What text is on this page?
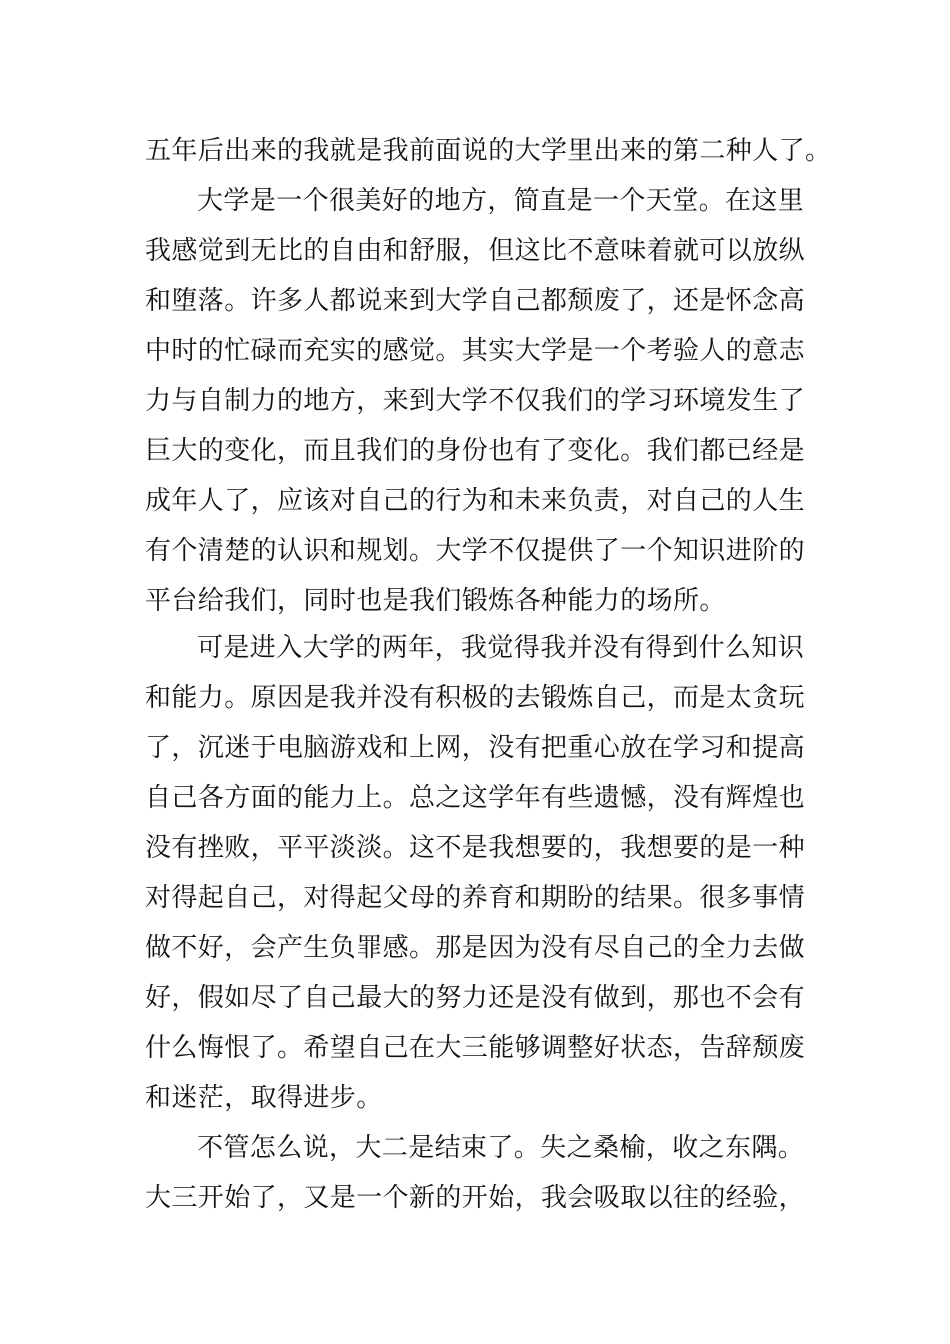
五年后出来的我就是我前面说的大学里出来的第二种人了。
大学是一个很美好的地方，简直是一个天堂。在这里
我感觉到无比的自由和舒服，但这比不意味着就可以放纵
和堕落。许多人都说来到大学自己都颓废了，还是怀念高
中时的忙碌而充实的感觉。其实大学是一个考验人的意志
力与自制力的地方，来到大学不仅我们的学习环境发生了
巨大的变化，而且我们的身份也有了变化。我们都已经是
成年人了，应该对自己的行为和未来负责，对自己的人生
有个清楚的认识和规划。大学不仅提供了一个知识进阶的
平台给我们，同时也是我们锻炼各种能力的场所。
可是进入大学的两年，我觉得我并没有得到什么知识
和能力。原因是我并没有积极的去锻炼自己，而是太贪玩
了，沉迷于电脑游戏和上网，没有把重心放在学习和提高
自己各方面的能力上。总之这学年有些遗憾，没有辉煌也
没有挫败，平平淡淡。这不是我想要的，我想要的是一种
对得起自己，对得起父母的养育和期盼的结果。很多事情
做不好，会产生负罪感。那是因为没有尽自己的全力去做
好，假如尽了自己最大的努力还是没有做到，那也不会有
什么悔恨了。希望自己在大三能够调整好状态，告辞颓废
和迷茫，取得进步。
不管怎么说，大二是结束了。失之桑榆，收之东隅。
大三开始了，又是一个新的开始，我会吸取以往的经验，
